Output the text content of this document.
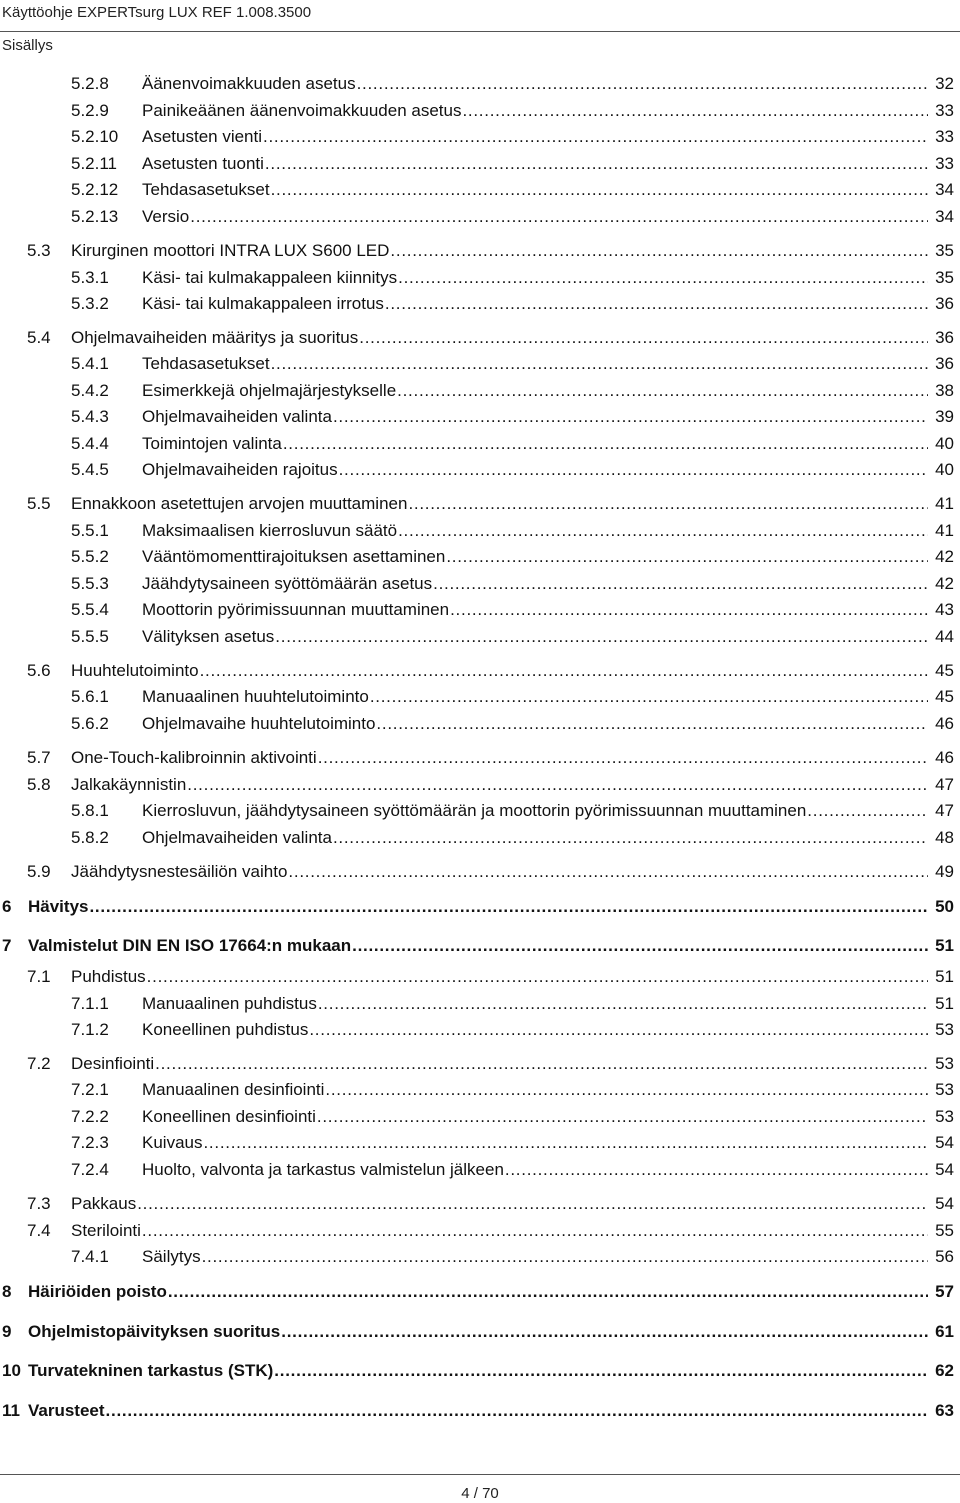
Käyttöohje EXPERTsurg LUX REF 1.008.3500
Sisällys
5.2.8	Äänenvoimakkuuden asetus . . .	32
5.2.9	Painikeäänen äänenvoimakkuuden asetus . . .	33
5.2.10	Asetusten vienti . . .	33
5.2.11	Asetusten tuonti . . .	33
5.2.12	Tehdasasetukset . . .	34
5.2.13	Versio . . .	34
5.3	Kirurginen moottori INTRA LUX S600 LED . . .	35
5.3.1	Käsi- tai kulmakappaleen kiinnitys . . .	35
5.3.2	Käsi- tai kulmakappaleen irrotus . . .	36
5.4	Ohjelmavaiheiden määritys ja suoritus . . .	36
5.4.1	Tehdasasetukset . . .	36
5.4.2	Esimerkkejä ohjelmajärjestykselle . . .	38
5.4.3	Ohjelmavaiheiden valinta . . .	39
5.4.4	Toimintojen valinta . . .	40
5.4.5	Ohjelmavaiheiden rajoitus . . .	40
5.5	Ennakkoon asetettujen arvojen muuttaminen . . .	41
5.5.1	Maksimaalisen kierrosluvun säätö . . .	41
5.5.2	Vääntömomenttirajoituksen asettaminen . . .	42
5.5.3	Jäähdytysaineen syöttömäärän asetus . . .	42
5.5.4	Moottorin pyörimissuunnan muuttaminen . . .	43
5.5.5	Välityksen asetus . . .	44
5.6	Huuhtelutoiminto . . .	45
5.6.1	Manuaalinen huuhtelutoiminto . . .	45
5.6.2	Ohjelmavaihe huuhtelutoiminto . . .	46
5.7	One-Touch-kalibroinnin aktivointi . . .	46
5.8	Jalkakäynnistin . . .	47
5.8.1	Kierrosluvun, jäähdytysaineen syöttömäärän ja moottorin pyörimissuunnan muuttaminen . . .	47
5.8.2	Ohjelmavaiheiden valinta . . .	48
5.9	Jäähdytysnestesäiliön vaihto . . .	49
6 Hävitys . . .	50
7 Valmistelut DIN EN ISO 17664:n mukaan . . .	51
7.1	Puhdistus . . .	51
7.1.1	Manuaalinen puhdistus . . .	51
7.1.2	Koneellinen puhdistus . . .	53
7.2	Desinfiointi . . .	53
7.2.1	Manuaalinen desinfiointi . . .	53
7.2.2	Koneellinen desinfiointi . . .	53
7.2.3	Kuivaus . . .	54
7.2.4	Huolto, valvonta ja tarkastus valmistelun jälkeen . . .	54
7.3	Pakkaus . . .	54
7.4	Sterilointi . . .	55
7.4.1	Säilytys . . .	56
8 Häiriöiden poisto . . .	57
9 Ohjelmistopäivityksen suoritus . . .	61
10 Turvatekninen tarkastus (STK) . . .	62
11 Varusteet . . .	63
4 / 70
